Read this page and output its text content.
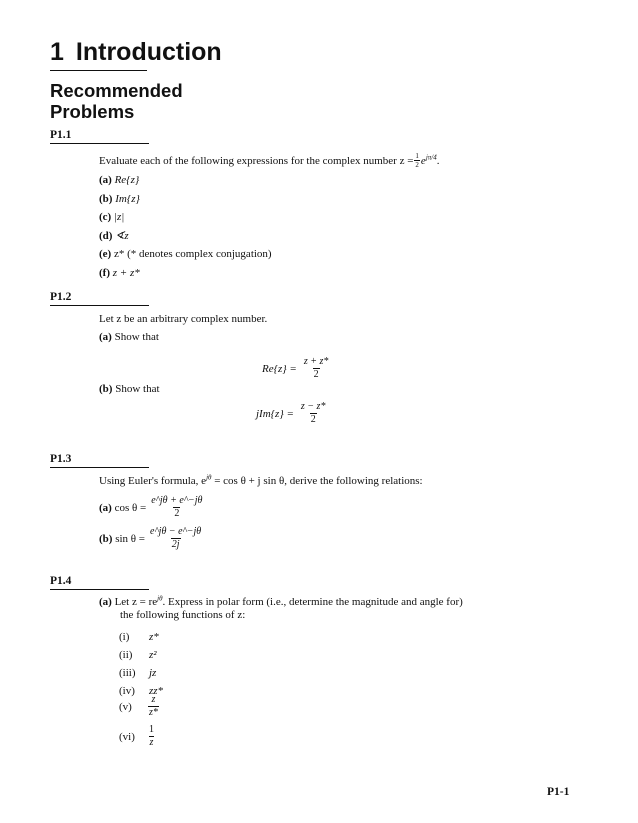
1 Introduction
Recommended
Problems
P1.1
Evaluate each of the following expressions for the complex number $z = \frac{1}{2} e^{j\pi/4}$ .
(a) Re{z}
(b) Im{z}
(c) |z|
(d) ∢z
(e) z* (* denotes complex conjugation)
(f) z + z*
P1.2
Let z be an arbitrary complex number.
(a) Show that
$Re\{z\} = \frac{z + z*}{2}$
(b) Show that
$jIm\{z\} = \frac{z - z*}{2}$
P1.3
Using Euler's formula, $e^{j\theta} = \cos \theta + j$ sin θ, derive the following relations:
(a)
$\cos \theta = \frac{e\^{}j\theta + e\^{}-j\theta}{2}$
(b)
$\sin \theta = \frac{e\^{}j\theta - e\^{}-j\theta}{2j}$
P1.4
(a) Let $z = re^{j\theta}$. Express in polar form (i.e., determine the magnitude and angle for)
the following functions of z:
(i) z*
(ii) z²
(iii) jz
(iv) zz*
(v)	$\frac{z}{z*}$
(vi)	$\frac{1}{z}$
P1-1
